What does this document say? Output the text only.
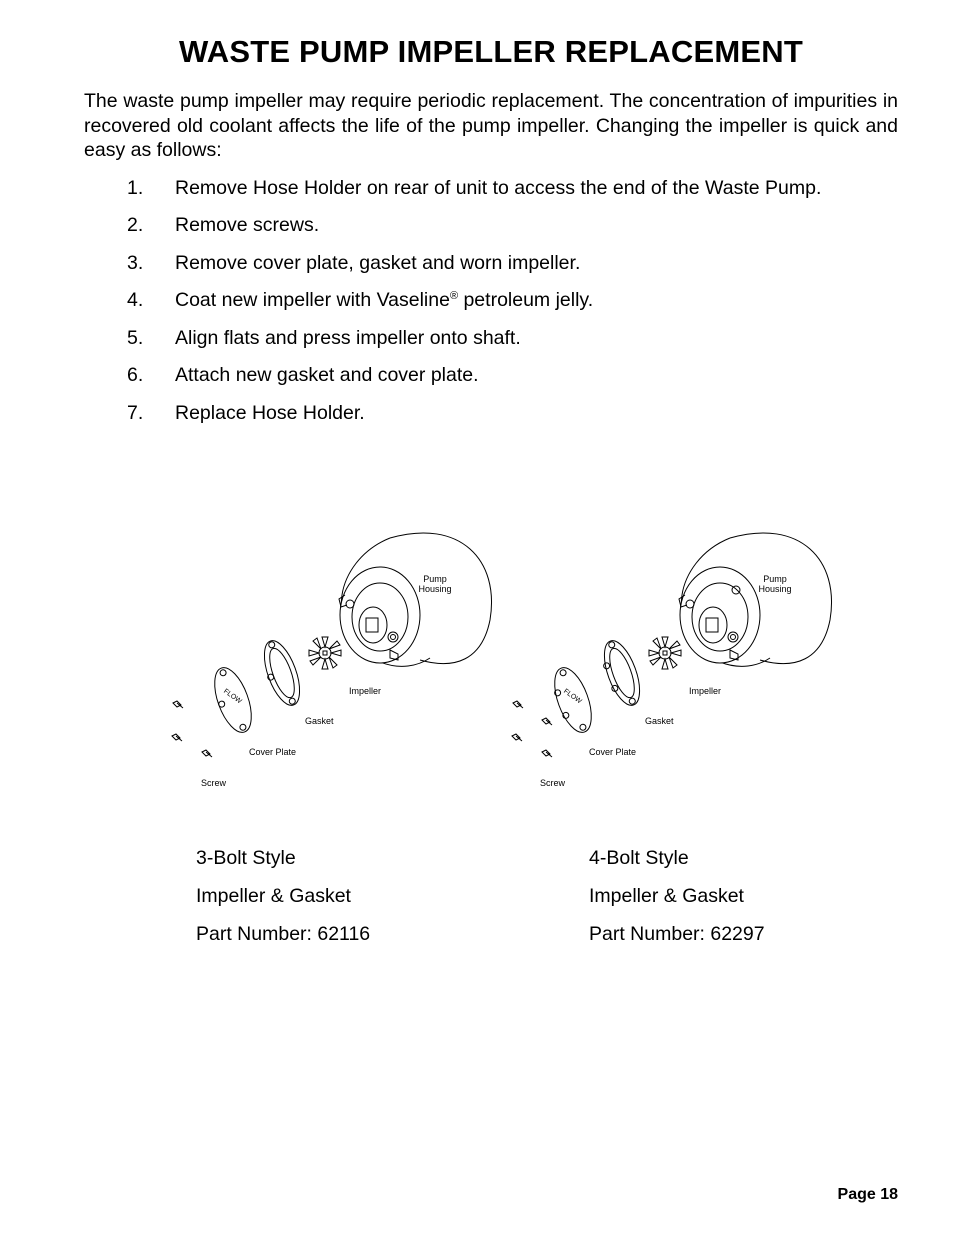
WASTE PUMP IMPELLER REPLACEMENT

The waste pump impeller may require periodic replacement. The concentration of impurities in recovered old coolant affects the life of the pump impeller. Changing the impeller is quick and easy as follows:

1. Remove Hose Holder on rear of unit to access the end of the Waste Pump.
2. Remove screws.
3. Remove cover plate, gasket and worn impeller.
4. Coat new impeller with Vaseline® petroleum jelly.
5. Align flats and press impeller onto shaft.
6. Attach new gasket and cover plate.
7. Replace Hose Holder.
Pump
Housing
Impeller
Gasket
Cover Plate
Screw
FLOW
Pump
Housing
Impeller
Gasket
Cover Plate
Screw
FLOW
3-Bolt Style
Impeller & Gasket
Part Number: 62116
4-Bolt Style
Impeller & Gasket
Part Number: 62297
Page 18
